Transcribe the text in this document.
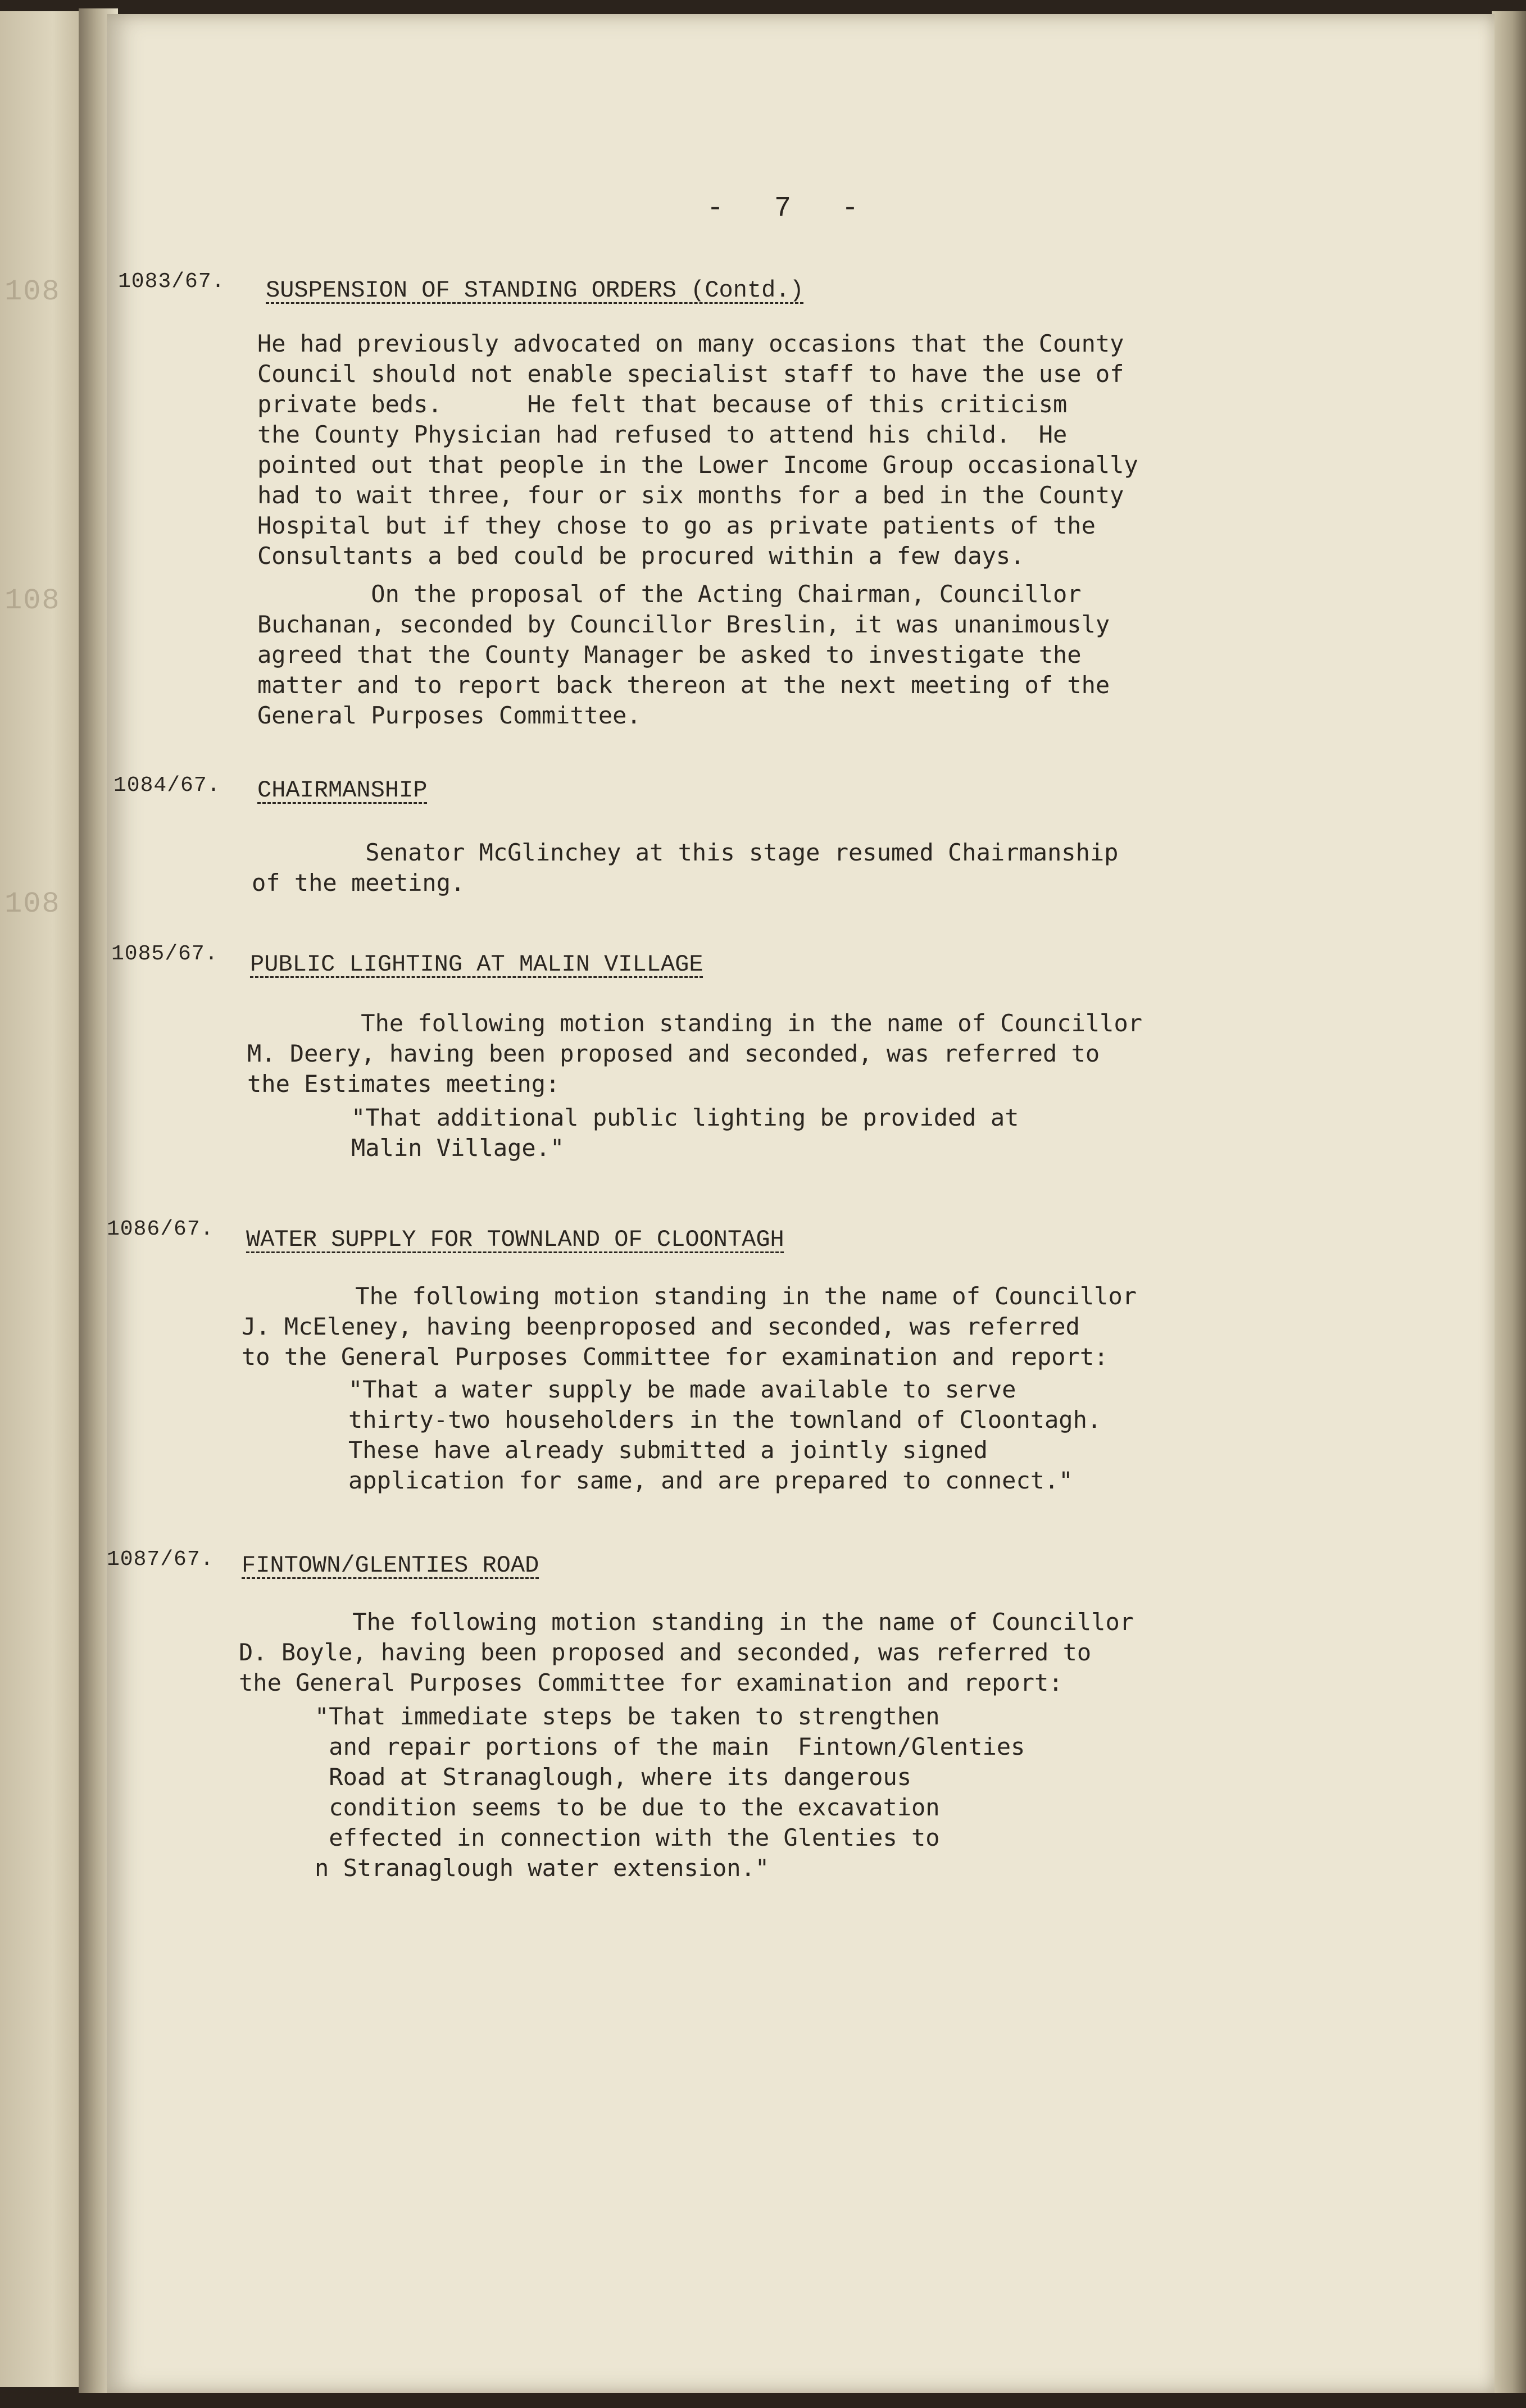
108
108
108
- 7 -
1083/67. SUSPENSION OF STANDING ORDERS (Contd.)
He had previously advocated on many occasions that the County
Council should not enable specialist staff to have the use of
private beds.      He felt that because of this criticism
the County Physician had refused to attend his child.  He
pointed out that people in the Lower Income Group occasionally
had to wait three, four or six months for a bed in the County
Hospital but if they chose to go as private patients of the
Consultants a bed could be procured within a few days.
On the proposal of the Acting Chairman, Councillor
Buchanan, seconded by Councillor Breslin, it was unanimously
agreed that the County Manager be asked to investigate the
matter and to report back thereon at the next meeting of the
General Purposes Committee.
1084/67. CHAIRMANSHIP
Senator McGlinchey at this stage resumed Chairmanship
of the meeting.
1085/67. PUBLIC LIGHTING AT MALIN VILLAGE
The following motion standing in the name of Councillor
M. Deery, having been proposed and seconded, was referred to
the Estimates meeting:
"That additional public lighting be provided at
Malin Village."
1086/67. WATER SUPPLY FOR TOWNLAND OF CLOONTAGH
The following motion standing in the name of Councillor
J. McEleney, having beenproposed and seconded, was referred
to the General Purposes Committee for examination and report:
"That a water supply be made available to serve
thirty-two householders in the townland of Cloontagh.
These have already submitted a jointly signed
application for same, and are prepared to connect."
1087/67. FINTOWN/GLENTIES ROAD
The following motion standing in the name of Councillor
D. Boyle, having been proposed and seconded, was referred to
the General Purposes Committee for examination and report:
"That immediate steps be taken to strengthen
and repair portions of the main  Fintown/Glenties
Road at Stranaglough, where its dangerous
condition seems to be due to the excavation
effected in connection with the Glenties to
n Stranaglough water extension."
